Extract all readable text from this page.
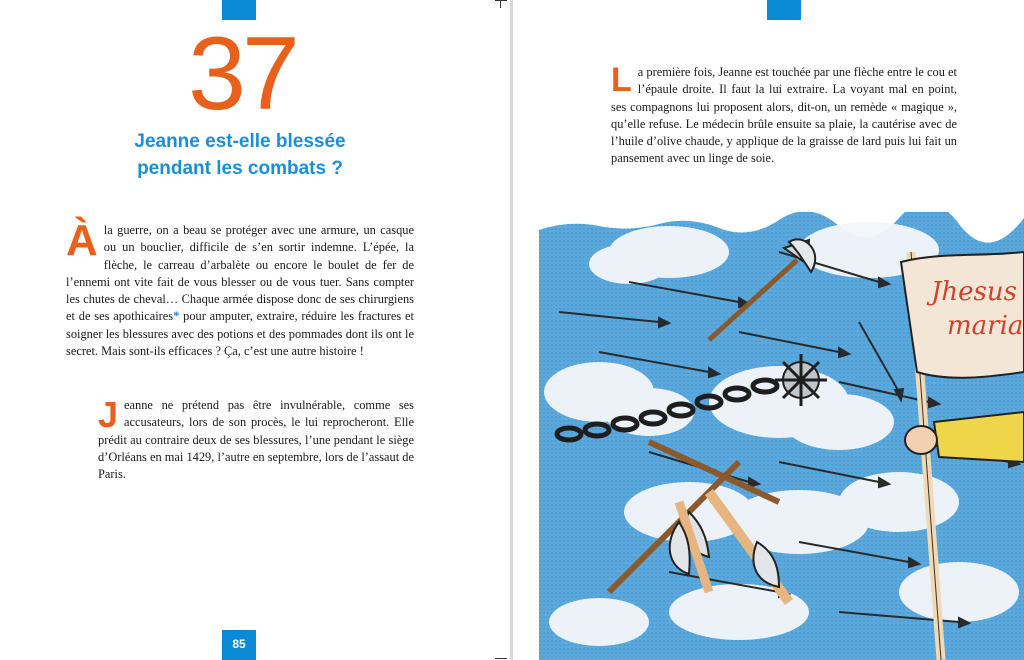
37
Jeanne est-elle blessée
pendant les combats ?

À la guerre, on a beau se protéger avec une armure, un casque ou un bouclier, difficile de s’en sortir indemne. L’épée, la flèche, le carreau d’arbalète ou encore le boulet de fer de l’ennemi ont vite fait de vous blesser ou de vous tuer. Sans compter les chutes de cheval… Chaque armée dispose donc de ses chirurgiens et de ses apothicaires* pour amputer, extraire, réduire les fractures et soigner les blessures avec des potions et des pommades dont ils ont le secret. Mais sont-ils efficaces ? Ça, c’est une autre histoire !

Jeanne ne prétend pas être invulnérable, comme ses accusateurs, lors de son procès, le lui reprocheront. Elle prédit au contraire deux de ses blessures, l’une pendant le siège d’Orléans en mai 1429, l’autre en septembre, lors de l’assaut de Paris.

85

La première fois, Jeanne est touchée par une flèche entre le cou et l’épaule droite. Il faut la lui extraire. La voyant mal en point, ses compagnons lui proposent alors, dit-on, un remède « magique », qu’elle refuse. Le médecin brûle ensuite sa plaie, la cautérise avec de l’huile d’olive chaude, y applique de la graisse de lard puis lui fait un pansement avec un linge de soie.

Jhesus
maria
